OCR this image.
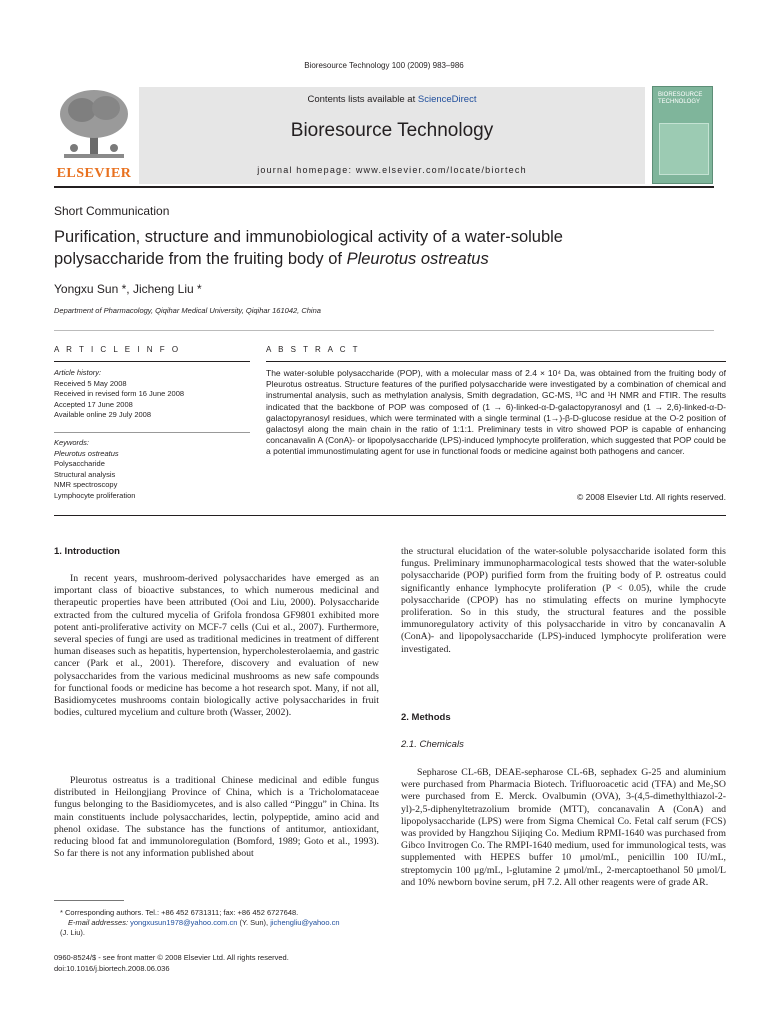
Bioresource Technology 100 (2009) 983–986
ELSEVIER
Contents lists available at ScienceDirect
Bioresource Technology
journal homepage: www.elsevier.com/locate/biortech
BIORESOURCE TECHNOLOGY
Short Communication
Purification, structure and immunobiological activity of a water-soluble
polysaccharide from the fruiting body of Pleurotus ostreatus
Yongxu Sun *, Jicheng Liu *
Department of Pharmacology, Qiqihar Medical University, Qiqihar 161042, China
A R T I C L E I N F O	A B S T R A C T
Article history:
Received 5 May 2008
Received in revised form 16 June 2008
Accepted 17 June 2008
Available online 29 July 2008
Keywords:
Pleurotus ostreatus
Polysaccharide
Structural analysis
NMR spectroscopy
Lymphocyte proliferation
The water-soluble polysaccharide (POP), with a molecular mass of 2.4 × 10⁴ Da, was obtained from the fruiting body of Pleurotus ostreatus. Structure features of the purified polysaccharide were investigated by a combination of chemical and instrumental analysis, such as methylation analysis, Smith degradation, GC-MS, ¹³C and ¹H NMR and FTIR. The results indicated that the backbone of POP was composed of (1 → 6)-linked-α-D-galactopyranosyl and (1 → 2,6)-linked-α-D-galactopyranosyl residues, which were terminated with a single terminal (1→)-β-D-glucose residue at the O-2 position of galactosyl along the main chain in the ratio of 1:1:1. Preliminary tests in vitro showed POP is capable of enhancing concanavalin A (ConA)- or lipopolysaccharide (LPS)-induced lymphocyte proliferation, which suggested that POP could be a potential immunostimulating agent for use in functional foods or medicine against both pathogens and cancer.
© 2008 Elsevier Ltd. All rights reserved.
1. Introduction
In recent years, mushroom-derived polysaccharides have emerged as an important class of bioactive substances, to which numerous medicinal and therapeutic properties have been attributed (Ooi and Liu, 2000). Polysaccharide extracted from the cultured mycelia of Grifola frondosa GF9801 exhibited more potent anti-proliferative activity on MCF-7 cells (Cui et al., 2007). Furthermore, several species of fungi are used as traditional medicines in treatment of different human diseases such as hepatitis, hypertension, hypercholesterolaemia, and gastric cancer (Park et al., 2001). Therefore, discovery and evaluation of new polysaccharides from the various medicinal mushrooms as new safe compounds for functional foods or medicine has become a hot research spot. Many, if not all, Basidiomycetes mushrooms contain biologically active polysaccharides in fruit bodies, cultured mycelium and culture broth (Wasser, 2002).
Pleurotus ostreatus is a traditional Chinese medicinal and edible fungus distributed in Heilongjiang Province of China, which is a Tricholomataceae fungus belonging to the Basidiomycetes, and is also called “Pinggu” in China. Its main constituents include polysaccharides, lectin, polypeptide, amino acid and phenol oxidase. The substance has the functions of antitumor, antioxidant, reducing blood fat and immunoloregulation (Bomford, 1989; Goto et al., 1993). So far there is not any information published about
* Corresponding authors. Tel.: +86 452 6731311; fax: +86 452 6727648.
E-mail addresses: yongxusun1978@yahoo.com.cn (Y. Sun), jichengliu@yahoo.cn
(J. Liu).
0960-8524/$ - see front matter © 2008 Elsevier Ltd. All rights reserved.
doi:10.1016/j.biortech.2008.06.036
the structural elucidation of the water-soluble polysaccharide isolated form this fungus. Preliminary immunopharmacological tests showed that the water-soluble polysaccharide (POP) purified form from the fruiting body of P. ostreatus could significantly enhance lymphocyte proliferation (P < 0.05), while the crude polysaccharide (CPOP) has no stimulating effects on murine lymphocyte proliferation. So in this study, the structural features and the possible immunoregulatory activity of this polysaccharide in vitro by concanavalin A (ConA)- and lipopolysaccharide (LPS)-induced lymphocyte proliferation were investigated.
2. Methods
2.1. Chemicals
Sepharose CL-6B, DEAE-sepharose CL-6B, sephadex G-25 and aluminium were purchased from Pharmacia Biotech. Trifluoroacetic acid (TFA) and Me₂SO were purchased from E. Merck. Ovalbumin (OVA), 3-(4,5-dimethylthiazol-2-yl)-2,5-diphenyltetrazolium bromide (MTT), concanavalin A (ConA) and lipopolysaccharide (LPS) were from Sigma Chemical Co. Fetal calf serum (FCS) was provided by Hangzhou Sijiqing Co. Medium RPMI-1640 was purchased from Gibco Invitrogen Co. The RMPI-1640 medium, used for immunological tests, was supplemented with HEPES buffer 10 μmol/mL, penicillin 100 IU/mL, streptomycin 100 μg/mL, l-glutamine 2 μmol/mL, 2-mercaptoethanol 50 μmol/L and 10% newborn bovine serum, pH 7.2. All other reagents were of grade AR.
